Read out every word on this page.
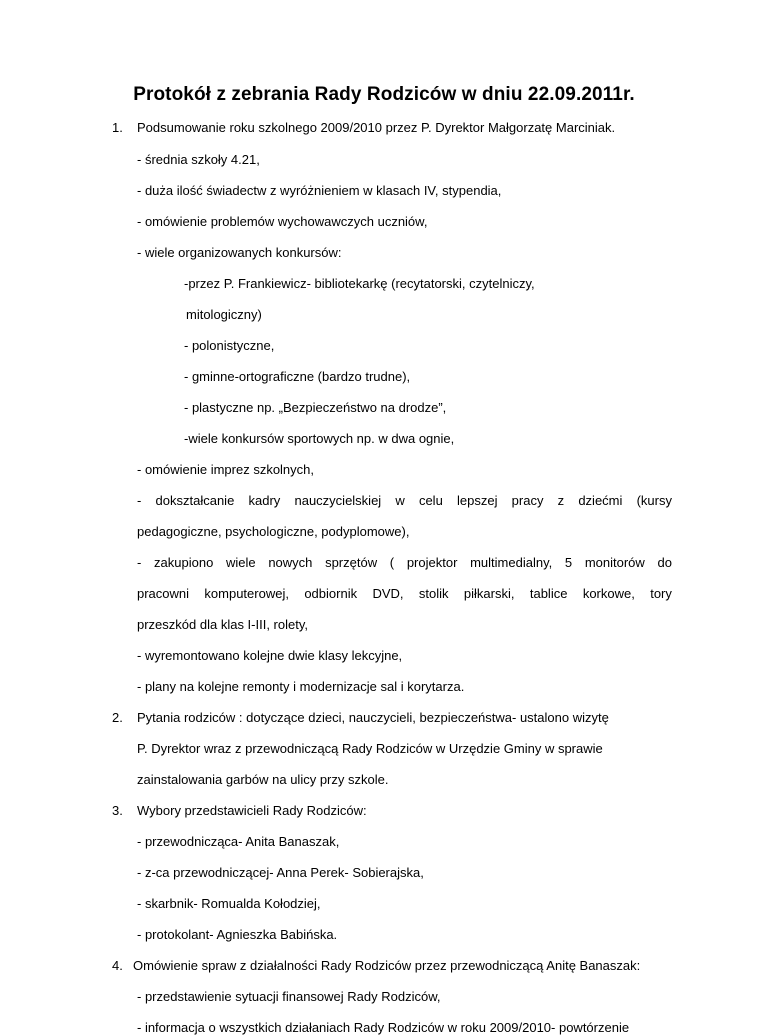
Protokół z zebrania Rady Rodziców w dniu 22.09.2011r.
1. Podsumowanie roku szkolnego 2009/2010 przez P. Dyrektor Małgorzatę Marciniak.
- średnia szkoły 4.21,
- duża ilość świadectw z wyróżnieniem w klasach IV, stypendia,
- omówienie problemów wychowawczych uczniów,
- wiele organizowanych konkursów:
-przez P. Frankiewicz- bibliotekarkę (recytatorski, czytelniczy,
mitologiczny)
- polonistyczne,
- gminne-ortograficzne (bardzo trudne),
- plastyczne np. „Bezpieczeństwo na drodze”,
-wiele konkursów sportowych np. w dwa ognie,
- omówienie imprez szkolnych,
- dokształcanie kadry nauczycielskiej w celu lepszej pracy z dziećmi (kursy
pedagogiczne, psychologiczne, podyplomowe),
- zakupiono wiele nowych sprzętów ( projektor multimedialny, 5 monitorów do
pracowni komputerowej, odbiornik DVD, stolik piłkarski, tablice korkowe, tory
przeszkód dla klas I-III, rolety,
- wyremontowano kolejne dwie klasy lekcyjne,
- plany na kolejne remonty i modernizacje sal i korytarza.
2. Pytania rodziców : dotyczące dzieci, nauczycieli, bezpieczeństwa- ustalono wizytę
P. Dyrektor wraz z przewodniczącą Rady Rodziców w Urzędzie Gminy w sprawie
zainstalowania garbów na ulicy przy szkole.
3. Wybory przedstawicieli Rady Rodziców:
- przewodnicząca- Anita Banaszak,
- z-ca przewodniczącej- Anna Perek- Sobierajska,
- skarbnik- Romualda Kołodziej,
- protokolant- Agnieszka Babińska.
4. Omówienie spraw z działalności Rady Rodziców przez przewodniczącą Anitę Banaszak:
- przedstawienie sytuacji finansowej Rady Rodziców,
- informacja o wszystkich działaniach Rady Rodziców w roku 2009/2010- powtórzenie
